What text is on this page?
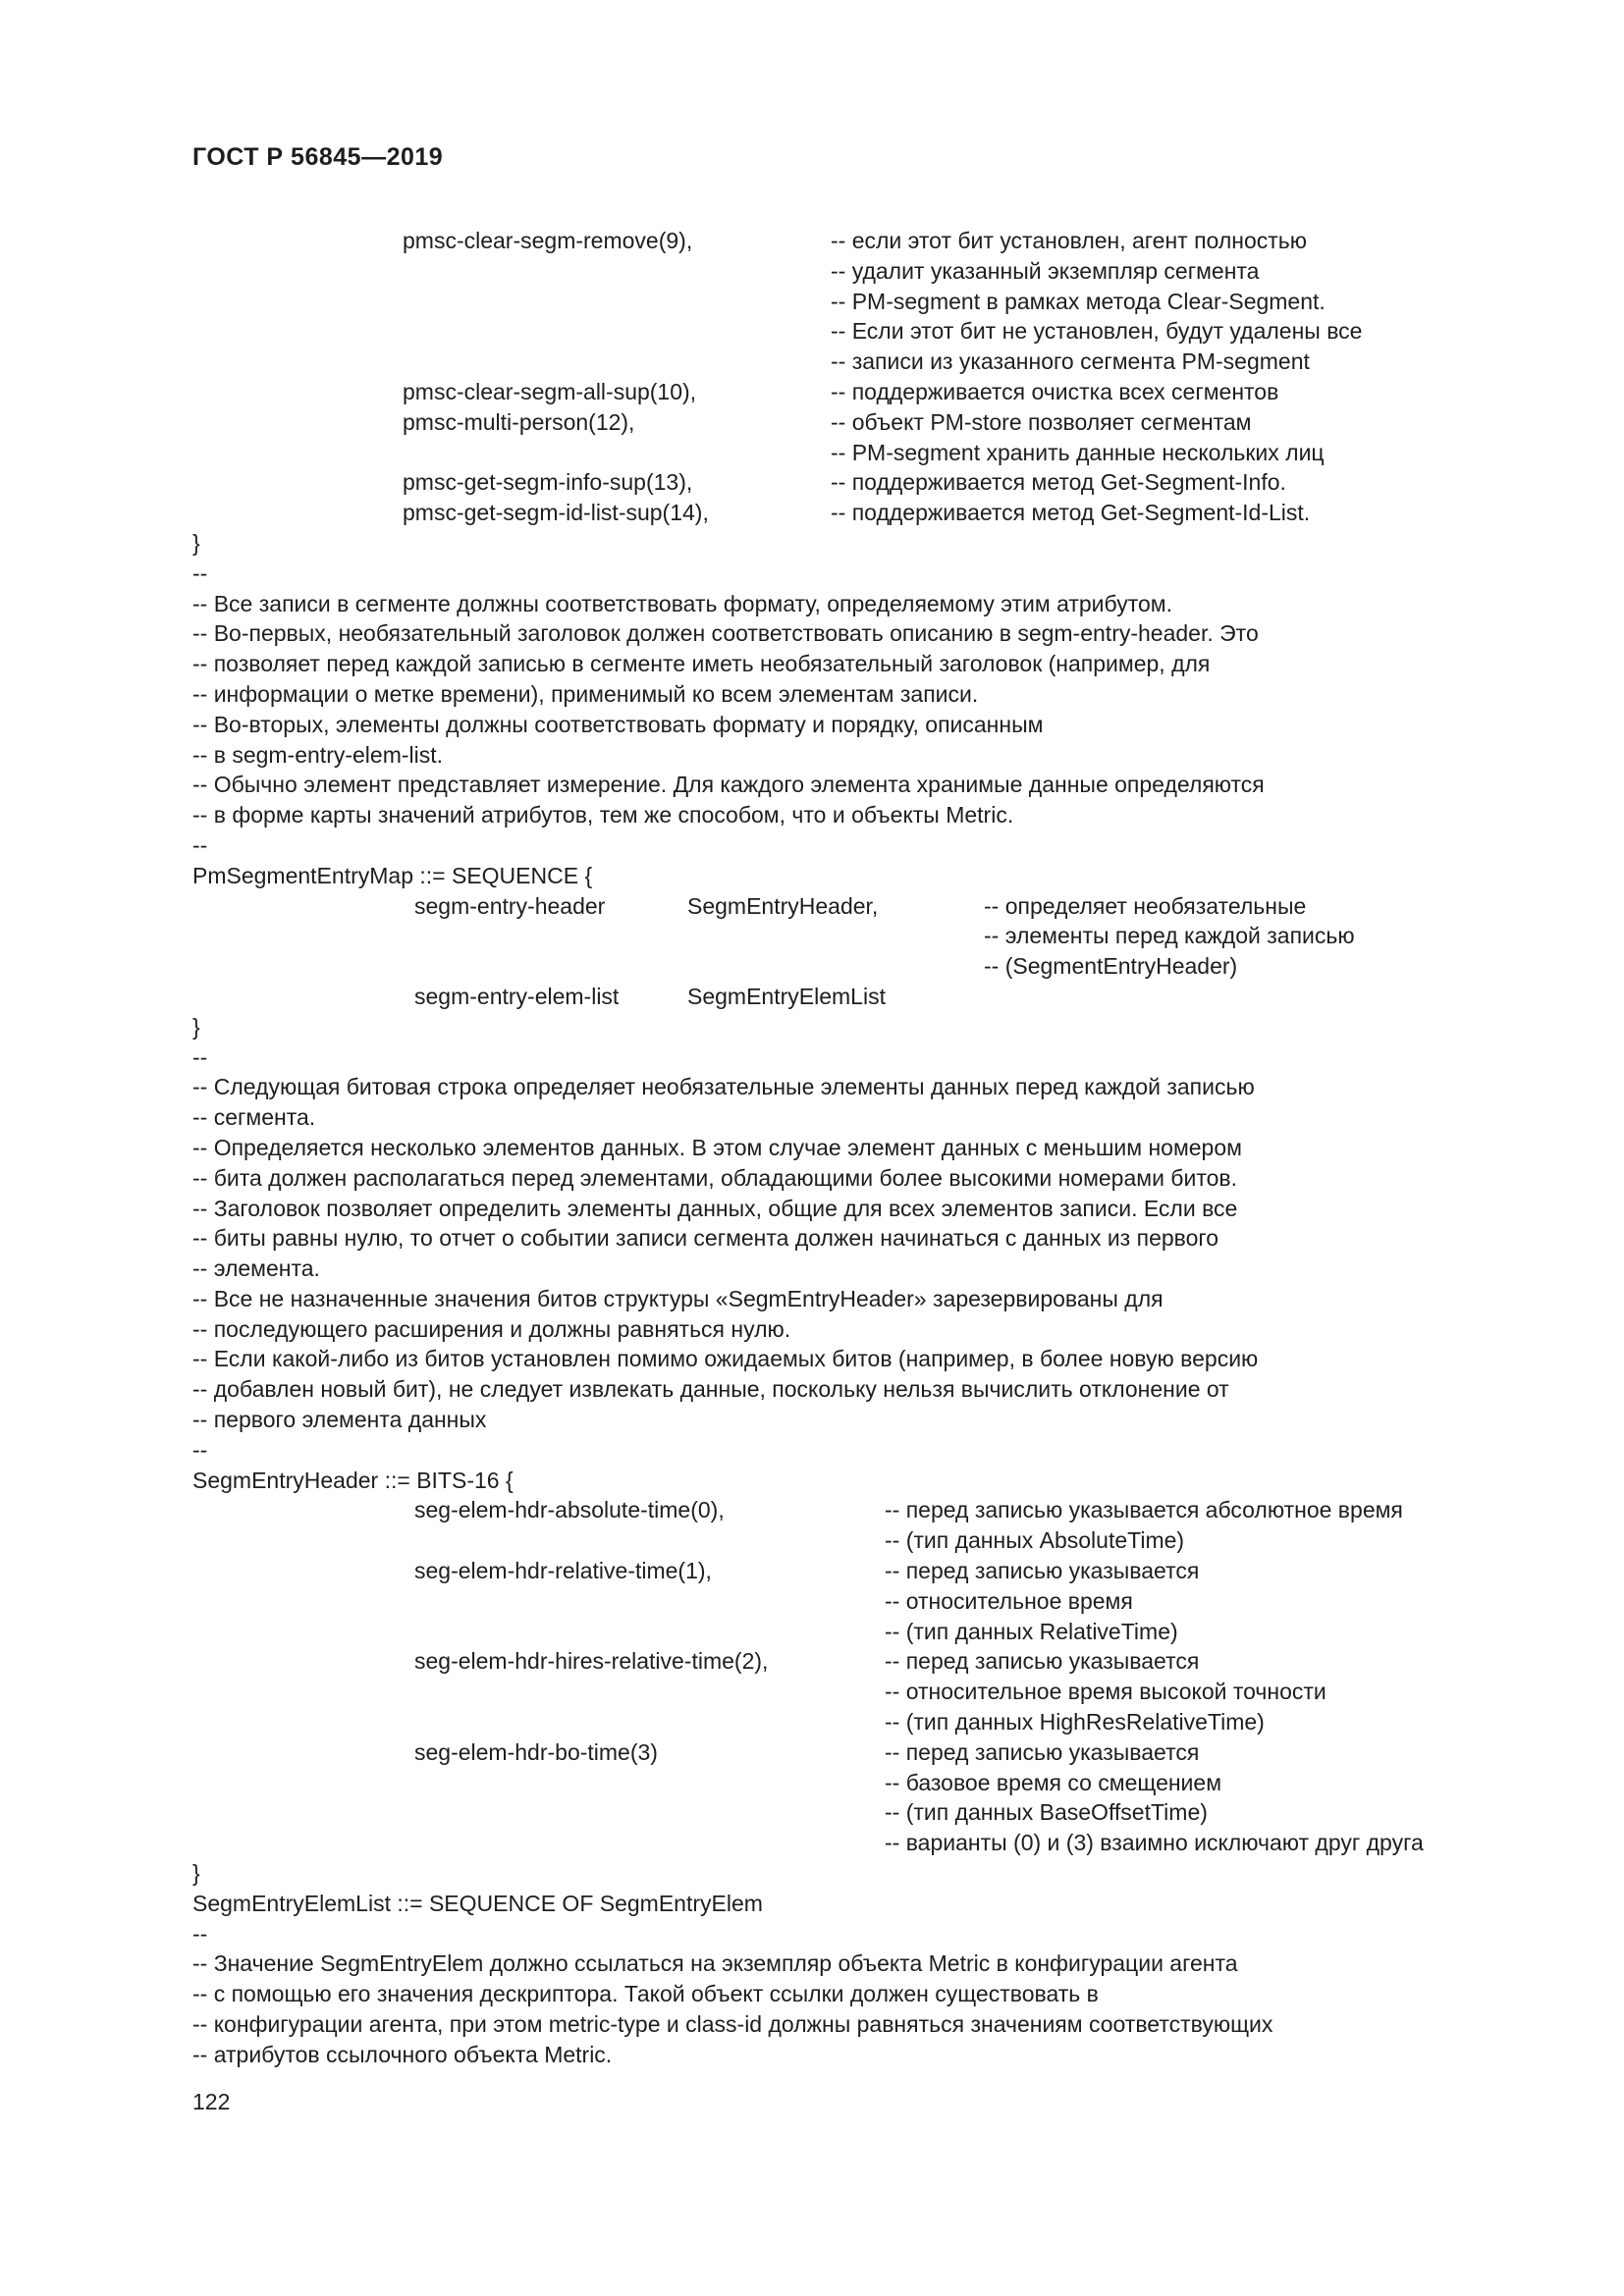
ГОСТ Р 56845—2019
pmsc-clear-segm-remove(9),	-- если этот бит установлен, агент полностью
-- удалит указанный экземпляр сегмента
-- PM-segment в рамках метода Clear-Segment.
-- Если этот бит не установлен, будут удалены все
-- записи из указанного сегмента PM-segment
pmsc-clear-segm-all-sup(10),	-- поддерживается очистка всех сегментов
pmsc-multi-person(12),	-- объект PM-store позволяет сегментам
-- PM-segment хранить данные нескольких лиц
pmsc-get-segm-info-sup(13),	-- поддерживается метод Get-Segment-Info.
pmsc-get-segm-id-list-sup(14),	-- поддерживается метод Get-Segment-Id-List.
}
--
-- Все записи в сегменте должны соответствовать формату, определяемому этим атрибутом.
-- Во-первых, необязательный заголовок должен соответствовать описанию в segm-entry-header. Это
-- позволяет перед каждой записью в сегменте иметь необязательный заголовок (например, для
-- информации о метке времени), применимый ко всем элементам записи.
-- Во-вторых, элементы должны соответствовать формату и порядку, описанным
-- в segm-entry-elem-list.
-- Обычно элемент представляет измерение. Для каждого элемента хранимые данные определяются
-- в форме карты значений атрибутов, тем же способом, что и объекты Metric.
--
PmSegmentEntryMap ::= SEQUENCE {
segm-entry-header	SegmEntryHeader,	-- определяет необязательные
-- элементы перед каждой записью
-- (SegmentEntryHeader)
segm-entry-elem-list	SegmEntryElemList
}
--
-- Следующая битовая строка определяет необязательные элементы данных перед каждой записью
-- сегмента.
-- Определяется несколько элементов данных. В этом случае элемент данных с меньшим номером
-- бита должен располагаться перед элементами, обладающими более высокими номерами битов.
-- Заголовок позволяет определить элементы данных, общие для всех элементов записи. Если все
-- биты равны нулю, то отчет о событии записи сегмента должен начинаться с данных из первого
-- элемента.
-- Все не назначенные значения битов структуры «SegmEntryHeader» зарезервированы для
-- последующего расширения и должны равняться нулю.
-- Если какой-либо из битов установлен помимо ожидаемых битов (например, в более новую версию
-- добавлен новый бит), не следует извлекать данные, поскольку нельзя вычислить отклонение от
-- первого элемента данных
--
SegmEntryHeader ::= BITS-16 {
seg-elem-hdr-absolute-time(0),	-- перед записью указывается абсолютное время
-- (тип данных AbsoluteTime)
seg-elem-hdr-relative-time(1),	-- перед записью указывается
-- относительное время
-- (тип данных RelativeTime)
seg-elem-hdr-hires-relative-time(2),	-- перед записью указывается
-- относительное время высокой точности
-- (тип данных HighResRelativeTime)
seg-elem-hdr-bo-time(3)	-- перед записью указывается
-- базовое время со смещением
-- (тип данных BaseOffsetTime)
-- варианты (0) и (3) взаимно исключают друг друга
}
SegmEntryElemList ::= SEQUENCE OF SegmEntryElem
--
-- Значение SegmEntryElem должно ссылаться на экземпляр объекта Metric в конфигурации агента
-- с помощью его значения дескриптора. Такой объект ссылки должен существовать в
-- конфигурации агента, при этом metric-type и class-id должны равняться значениям соответствующих
-- атрибутов ссылочного объекта Metric.
122
